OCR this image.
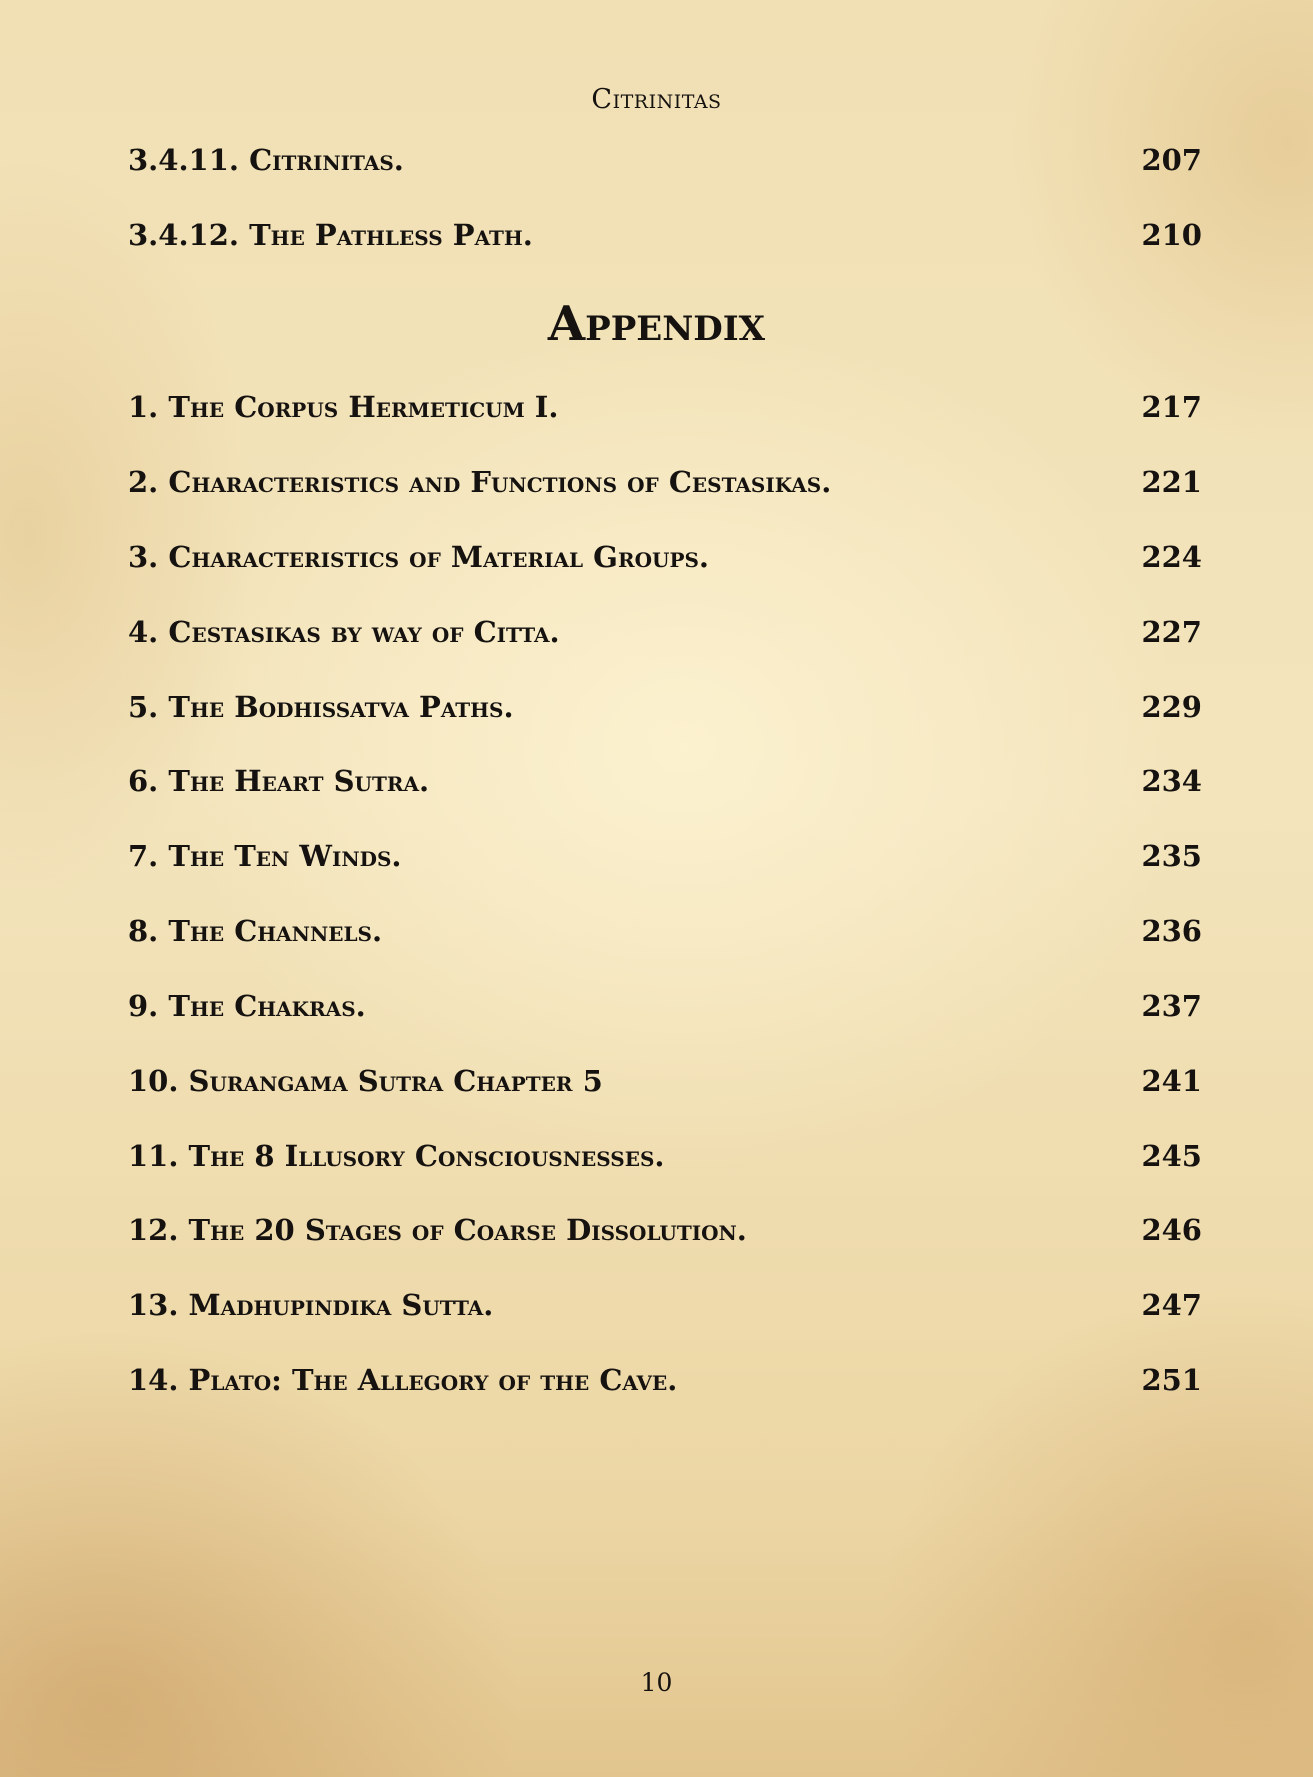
Citrinitas
3.4.11. Citrinitas.	207
3.4.12. The Pathless Path.	210
Appendix
1. The Corpus Hermeticum I.	217
2. Characteristics and Functions of Cestasikas.	221
3. Characteristics of Material Groups.	224
4. Cestasikas by way of Citta.	227
5. The Bodhissatva Paths.	229
6. The Heart Sutra.	234
7. The Ten Winds.	235
8. The Channels.	236
9. The Chakras.	237
10. Surangama Sutra Chapter 5	241
11. The 8 Illusory Consciousnesses.	245
12. The 20 Stages of Coarse Dissolution.	246
13. Madhupindika Sutta.	247
14. Plato: The Allegory of the Cave.	251
10
